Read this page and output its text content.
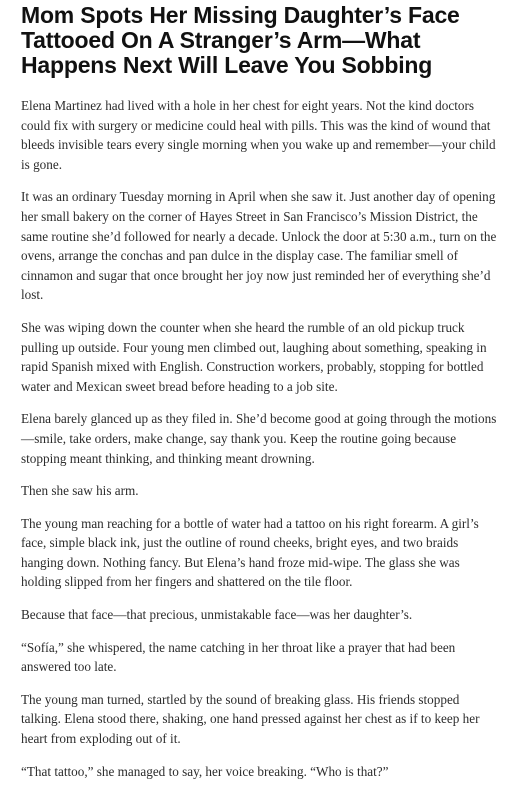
Mom Spots Her Missing Daughter’s Face Tattooed On A Stranger’s Arm—What Happens Next Will Leave You Sobbing

Elena Martinez had lived with a hole in her chest for eight years. Not the kind doctors could fix with surgery or medicine could heal with pills. This was the kind of wound that bleeds invisible tears every single morning when you wake up and remember—your child is gone.

It was an ordinary Tuesday morning in April when she saw it. Just another day of opening her small bakery on the corner of Hayes Street in San Francisco’s Mission District, the same routine she’d followed for nearly a decade. Unlock the door at 5:30 a.m., turn on the ovens, arrange the conchas and pan dulce in the display case. The familiar smell of cinnamon and sugar that once brought her joy now just reminded her of everything she’d lost.

She was wiping down the counter when she heard the rumble of an old pickup truck pulling up outside. Four young men climbed out, laughing about something, speaking in rapid Spanish mixed with English. Construction workers, probably, stopping for bottled water and Mexican sweet bread before heading to a job site.

Elena barely glanced up as they filed in. She’d become good at going through the motions—smile, take orders, make change, say thank you. Keep the routine going because stopping meant thinking, and thinking meant drowning.

Then she saw his arm.

The young man reaching for a bottle of water had a tattoo on his right forearm. A girl’s face, simple black ink, just the outline of round cheeks, bright eyes, and two braids hanging down. Nothing fancy. But Elena’s hand froze mid-wipe. The glass she was holding slipped from her fingers and shattered on the tile floor.

Because that face—that precious, unmistakable face—was her daughter’s.

“Sofía,” she whispered, the name catching in her throat like a prayer that had been answered too late.

The young man turned, startled by the sound of breaking glass. His friends stopped talking. Elena stood there, shaking, one hand pressed against her chest as if to keep her heart from exploding out of it.

“That tattoo,” she managed to say, her voice breaking. “Who is that?”
